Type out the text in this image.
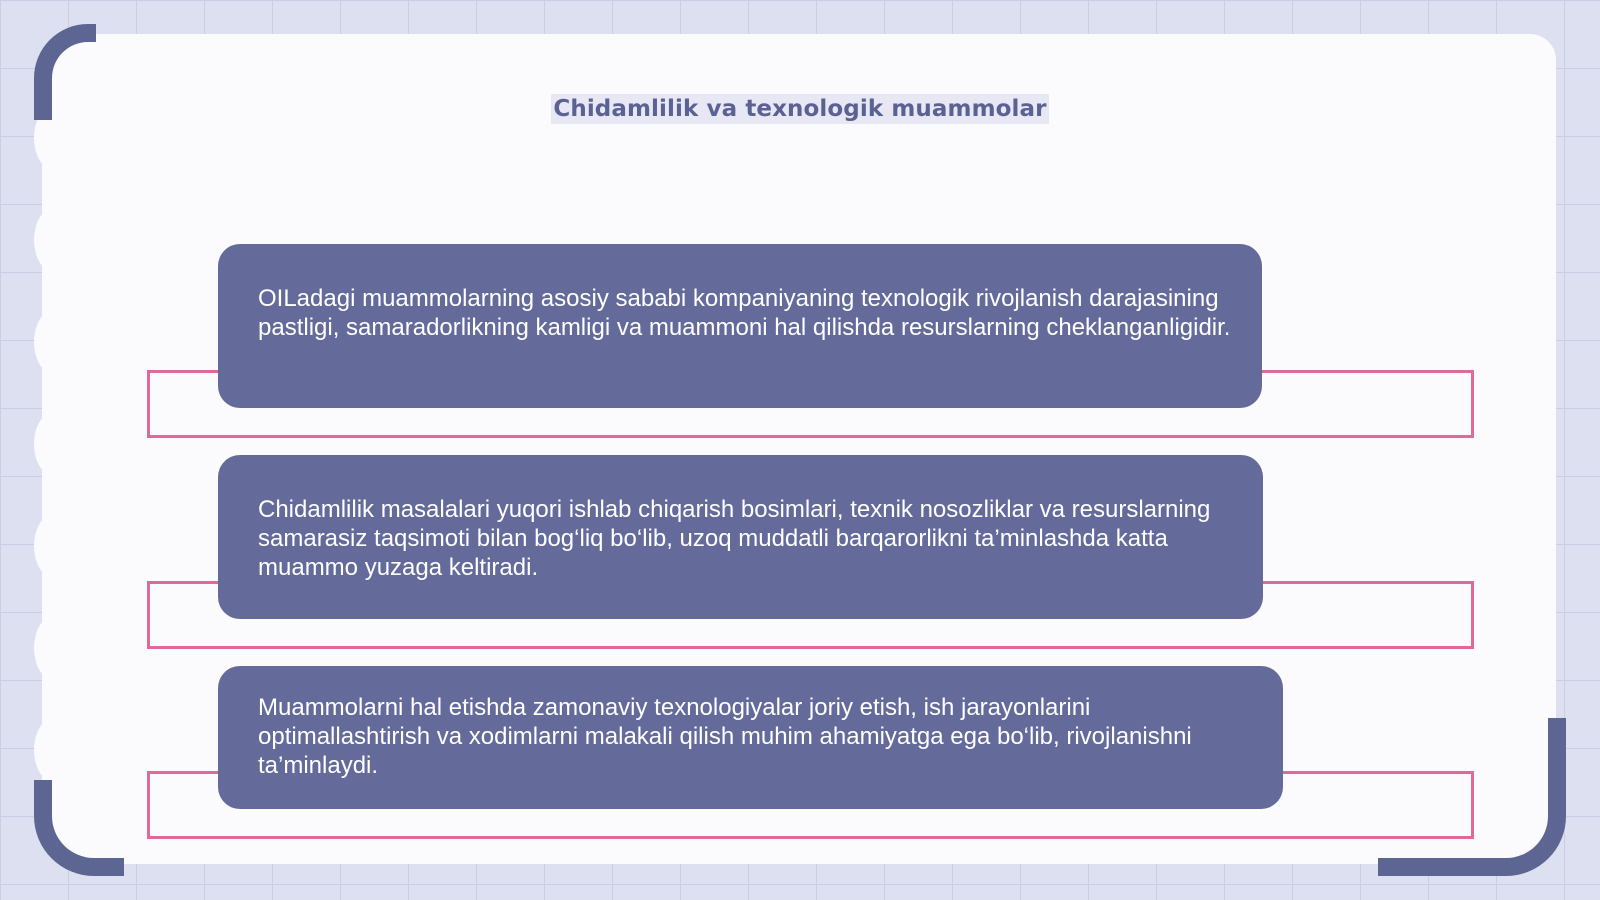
Chidamlilik va texnologik muammolar
OILadagi muammolarning asosiy sababi kompaniyaning texnologik rivojlanish darajasining pastligi, samaradorlikning kamligi va muammoni hal qilishda resurslarning cheklanganligidir.
Chidamlilik masalalari yuqori ishlab chiqarish bosimlari, texnik nosozliklar va resurslarning samarasiz taqsimoti bilan bog‘liq bo‘lib, uzoq muddatli barqarorlikni ta’minlashda katta muammo yuzaga keltiradi.
Muammolarni hal etishda zamonaviy texnologiyalar joriy etish, ish jarayonlarini optimallashtirish va xodimlarni malakali qilish muhim ahamiyatga ega bo‘lib, rivojlanishni ta’minlaydi.
